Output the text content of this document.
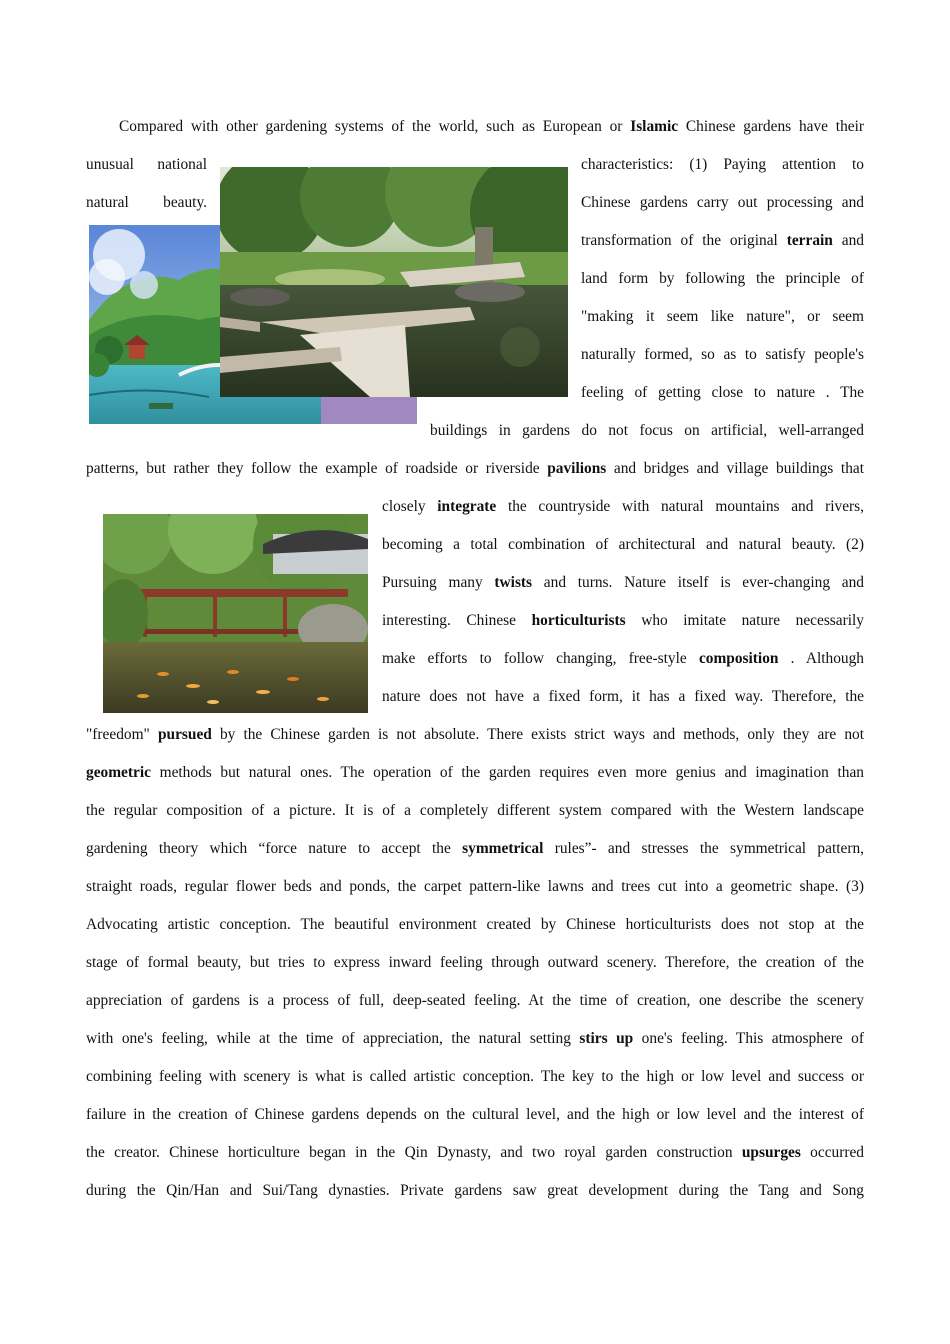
Compared with other gardening systems of the world, such as European or Islamic Chinese gardens have their
unusual national	characteristics: (1) Paying attention to
natural beauty.	Chinese gardens carry out processing and
transformation of the original terrain and
land form by following the principle of
"making it seem like nature", or seem
naturally formed, so as to satisfy people's
feeling of getting close to nature . The
buildings in gardens do not focus on artificial, well-arranged
patterns, but rather they follow the example of roadside or riverside pavilions and bridges and village buildings that
closely integrate the countryside with natural mountains and rivers,
becoming a total combination of architectural and natural beauty. (2)
Pursuing many twists and turns. Nature itself is ever-changing and
interesting. Chinese horticulturists who imitate nature necessarily
make efforts to follow changing, free-style composition . Although
nature does not have a fixed form, it has a fixed way. Therefore, the
"freedom" pursued by the Chinese garden is not absolute. There exists strict ways and methods, only they are not
geometric methods but natural ones. The operation of the garden requires even more genius and imagination than
the regular composition of a picture. It is of a completely different system compared with the Western landscape
gardening theory which “force nature to accept the symmetrical rules”- and stresses the symmetrical pattern,
straight roads, regular flower beds and ponds, the carpet pattern-like lawns and trees cut into a geometric shape. (3)
Advocating artistic conception. The beautiful environment created by Chinese horticulturists does not stop at the
stage of formal beauty, but tries to express inward feeling through outward scenery. Therefore, the creation of the
appreciation of gardens is a process of full, deep-seated feeling. At the time of creation, one describe the scenery
with one's feeling, while at the time of appreciation, the natural setting stirs up one's feeling. This atmosphere of
combining feeling with scenery is what is called artistic conception. The key to the high or low level and success or
failure in the creation of Chinese gardens depends on the cultural level, and the high or low level and the interest of
the creator. Chinese horticulture began in the Qin Dynasty, and two royal garden construction upsurges occurred
during the Qin/Han and Sui/Tang dynasties. Private gardens saw great development during the Tang and Song
